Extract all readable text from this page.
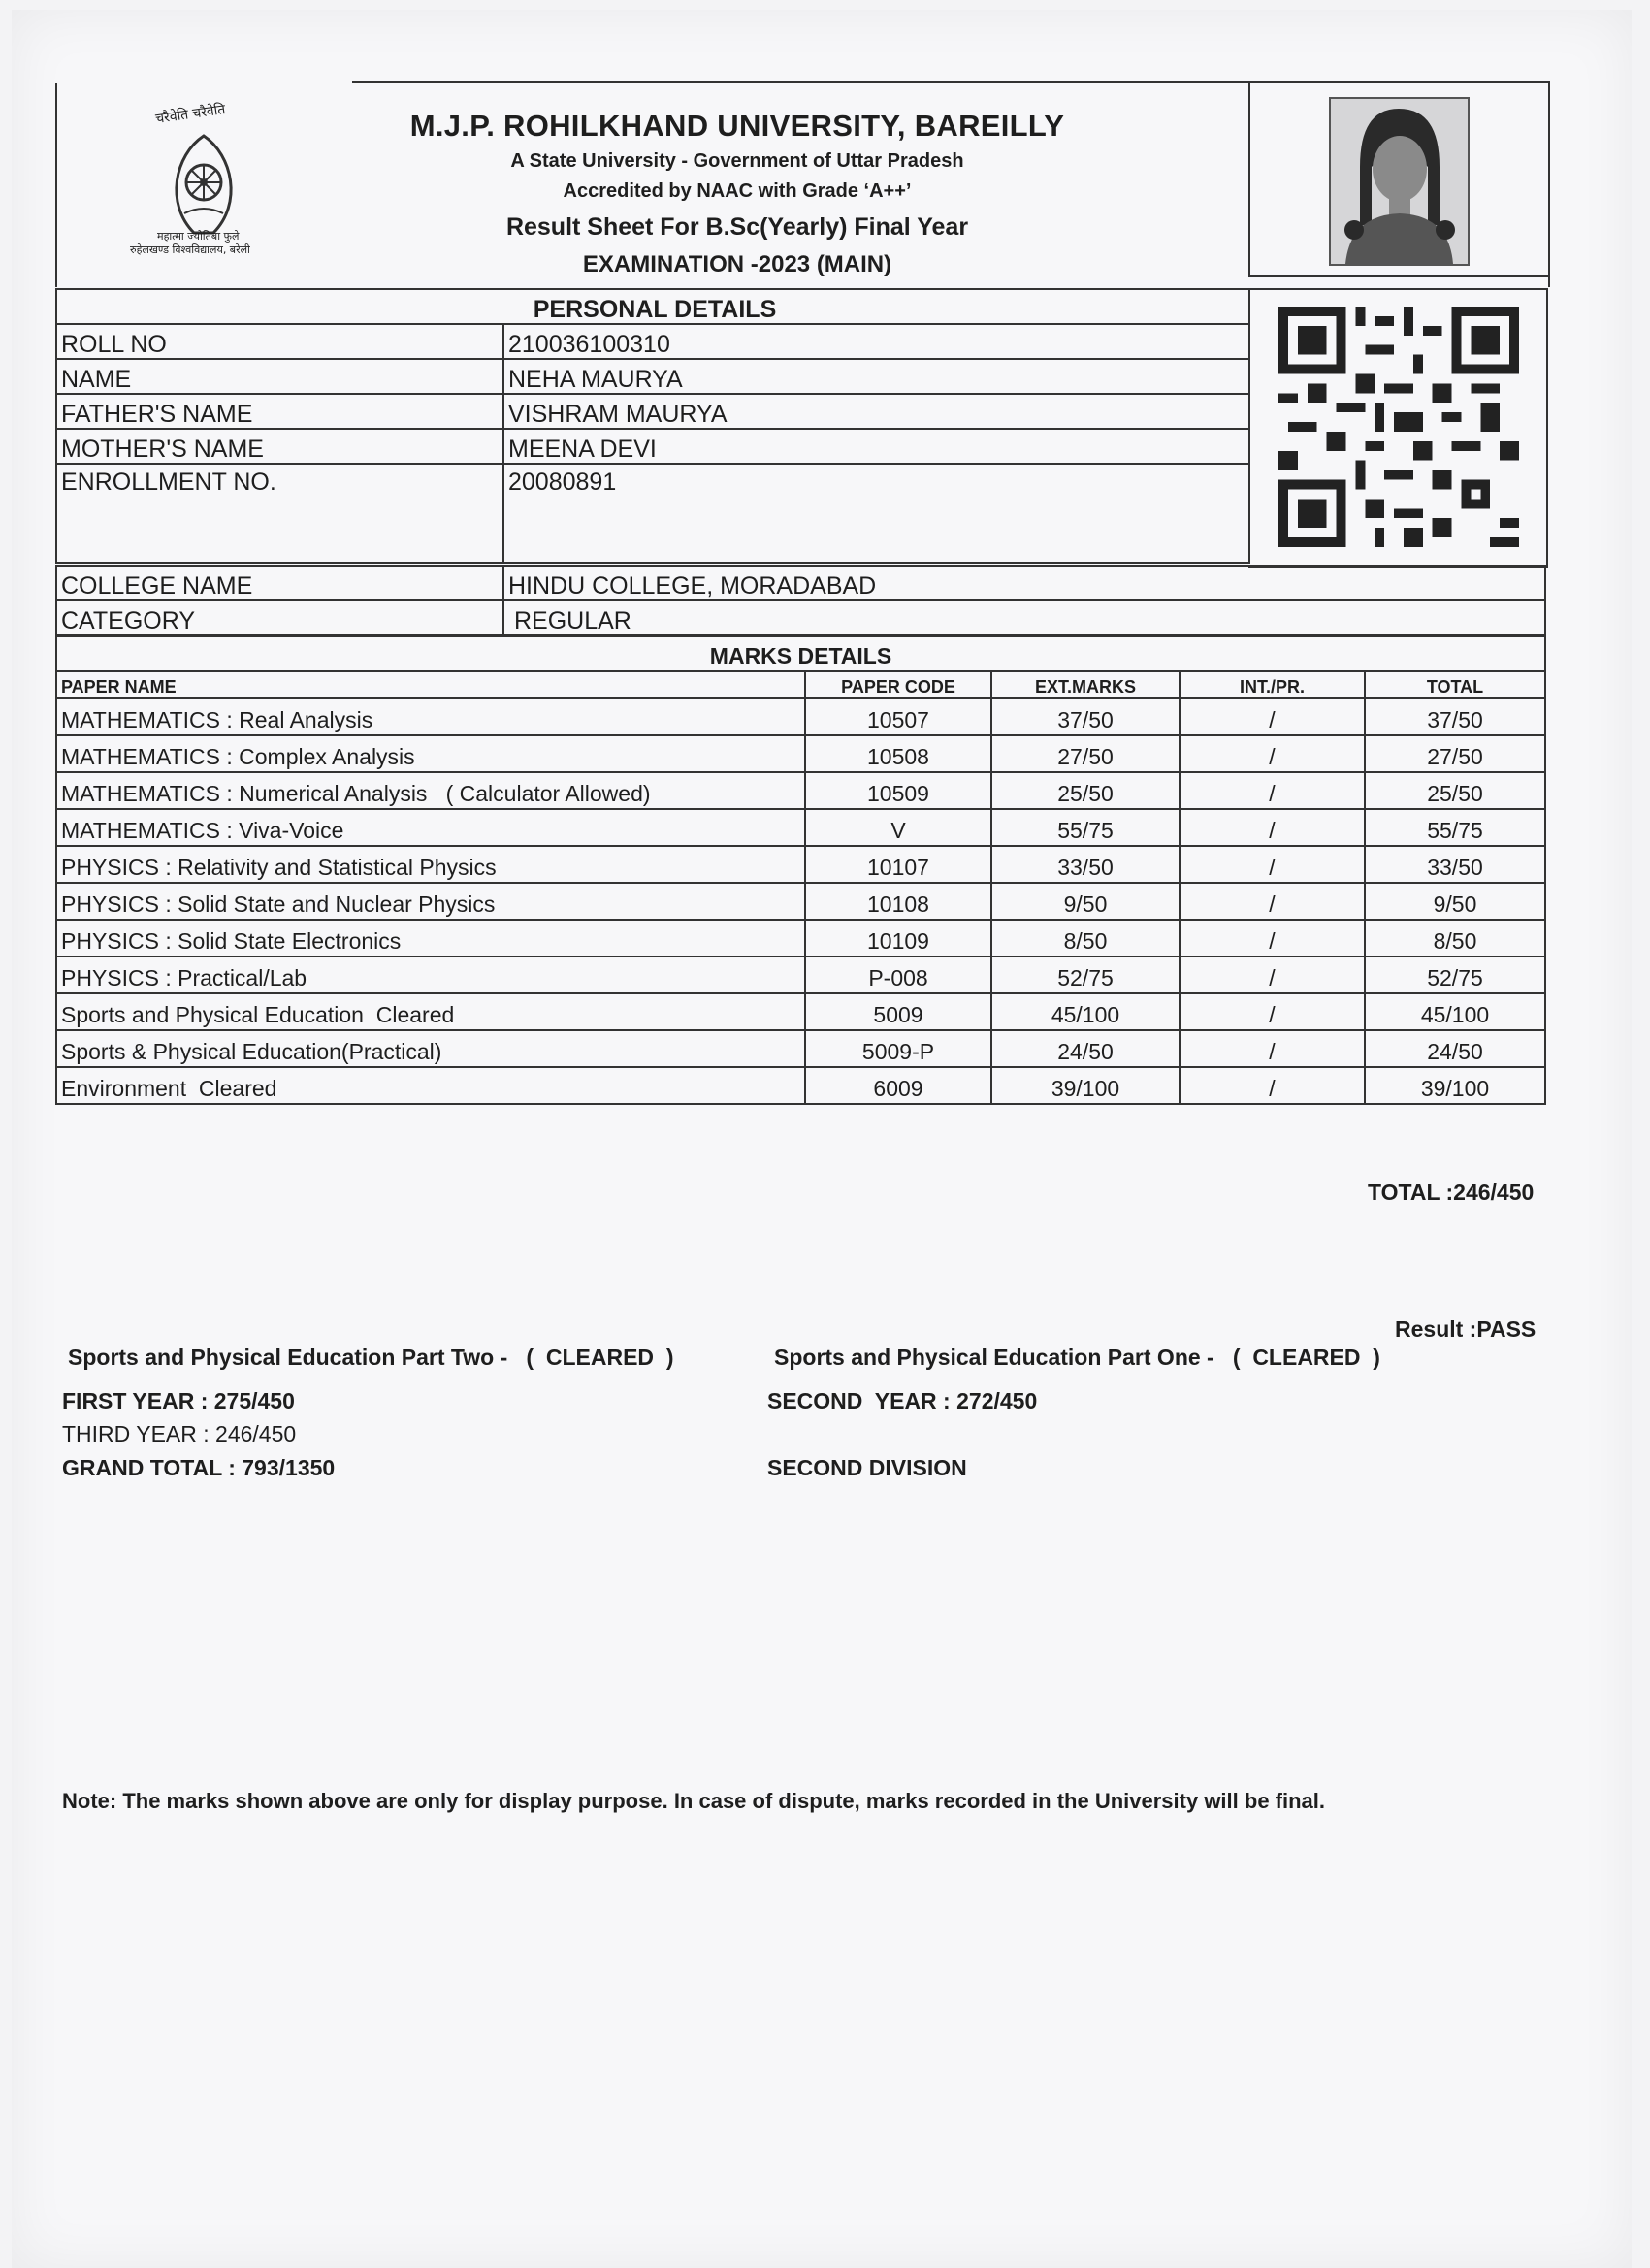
चरैवेति चरैवेति
महात्मा ज्योतिबा फुले
रुहेलखण्ड विश्वविद्यालय, बरेली
M.J.P. ROHILKHAND UNIVERSITY, BAREILLY
A State University - Government of Uttar Pradesh
Accredited by NAAC with Grade ‘A++’
Result Sheet For B.Sc(Yearly) Final Year
EXAMINATION -2023 (MAIN)
PERSONAL DETAILS	
ROLL NO	210036100310
NAME	NEHA MAURYA
FATHER'S NAME	VISHRAM MAURYA
MOTHER'S NAME	MEENA DEVI
ENROLLMENT NO.	20080891
COLLEGE NAME	HINDU COLLEGE, MORADABAD
CATEGORY	REGULAR
MARKS DETAILS				
PAPER NAME	PAPER CODE	EXT.MARKS	INT./PR.	TOTAL
MATHEMATICS : Real Analysis	10507	37/50	/	37/50
MATHEMATICS : Complex Analysis	10508	27/50	/	27/50
MATHEMATICS : Numerical Analysis   ( Calculator Allowed)	10509	25/50	/	25/50
MATHEMATICS : Viva-Voice	V	55/75	/	55/75
PHYSICS : Relativity and Statistical Physics	10107	33/50	/	33/50
PHYSICS : Solid State and Nuclear Physics	10108	9/50	/	9/50
PHYSICS : Solid State Electronics	10109	8/50	/	8/50
PHYSICS : Practical/Lab	P-008	52/75	/	52/75
Sports and Physical Education  Cleared	5009	45/100	/	45/100
Sports & Physical Education(Practical)	5009-P	24/50	/	24/50
Environment  Cleared	6009	39/100	/	39/100
TOTAL :246/450
Result :PASS
Sports and Physical Education Part Two -   (  CLEARED  )	Sports and Physical Education Part One -   (  CLEARED  )
FIRST YEAR : 275/450	SECOND  YEAR : 272/450
THIRD YEAR : 246/450
GRAND TOTAL : 793/1350	SECOND DIVISION
Note: The marks shown above are only for display purpose. In case of dispute, marks recorded in the University will be final.
